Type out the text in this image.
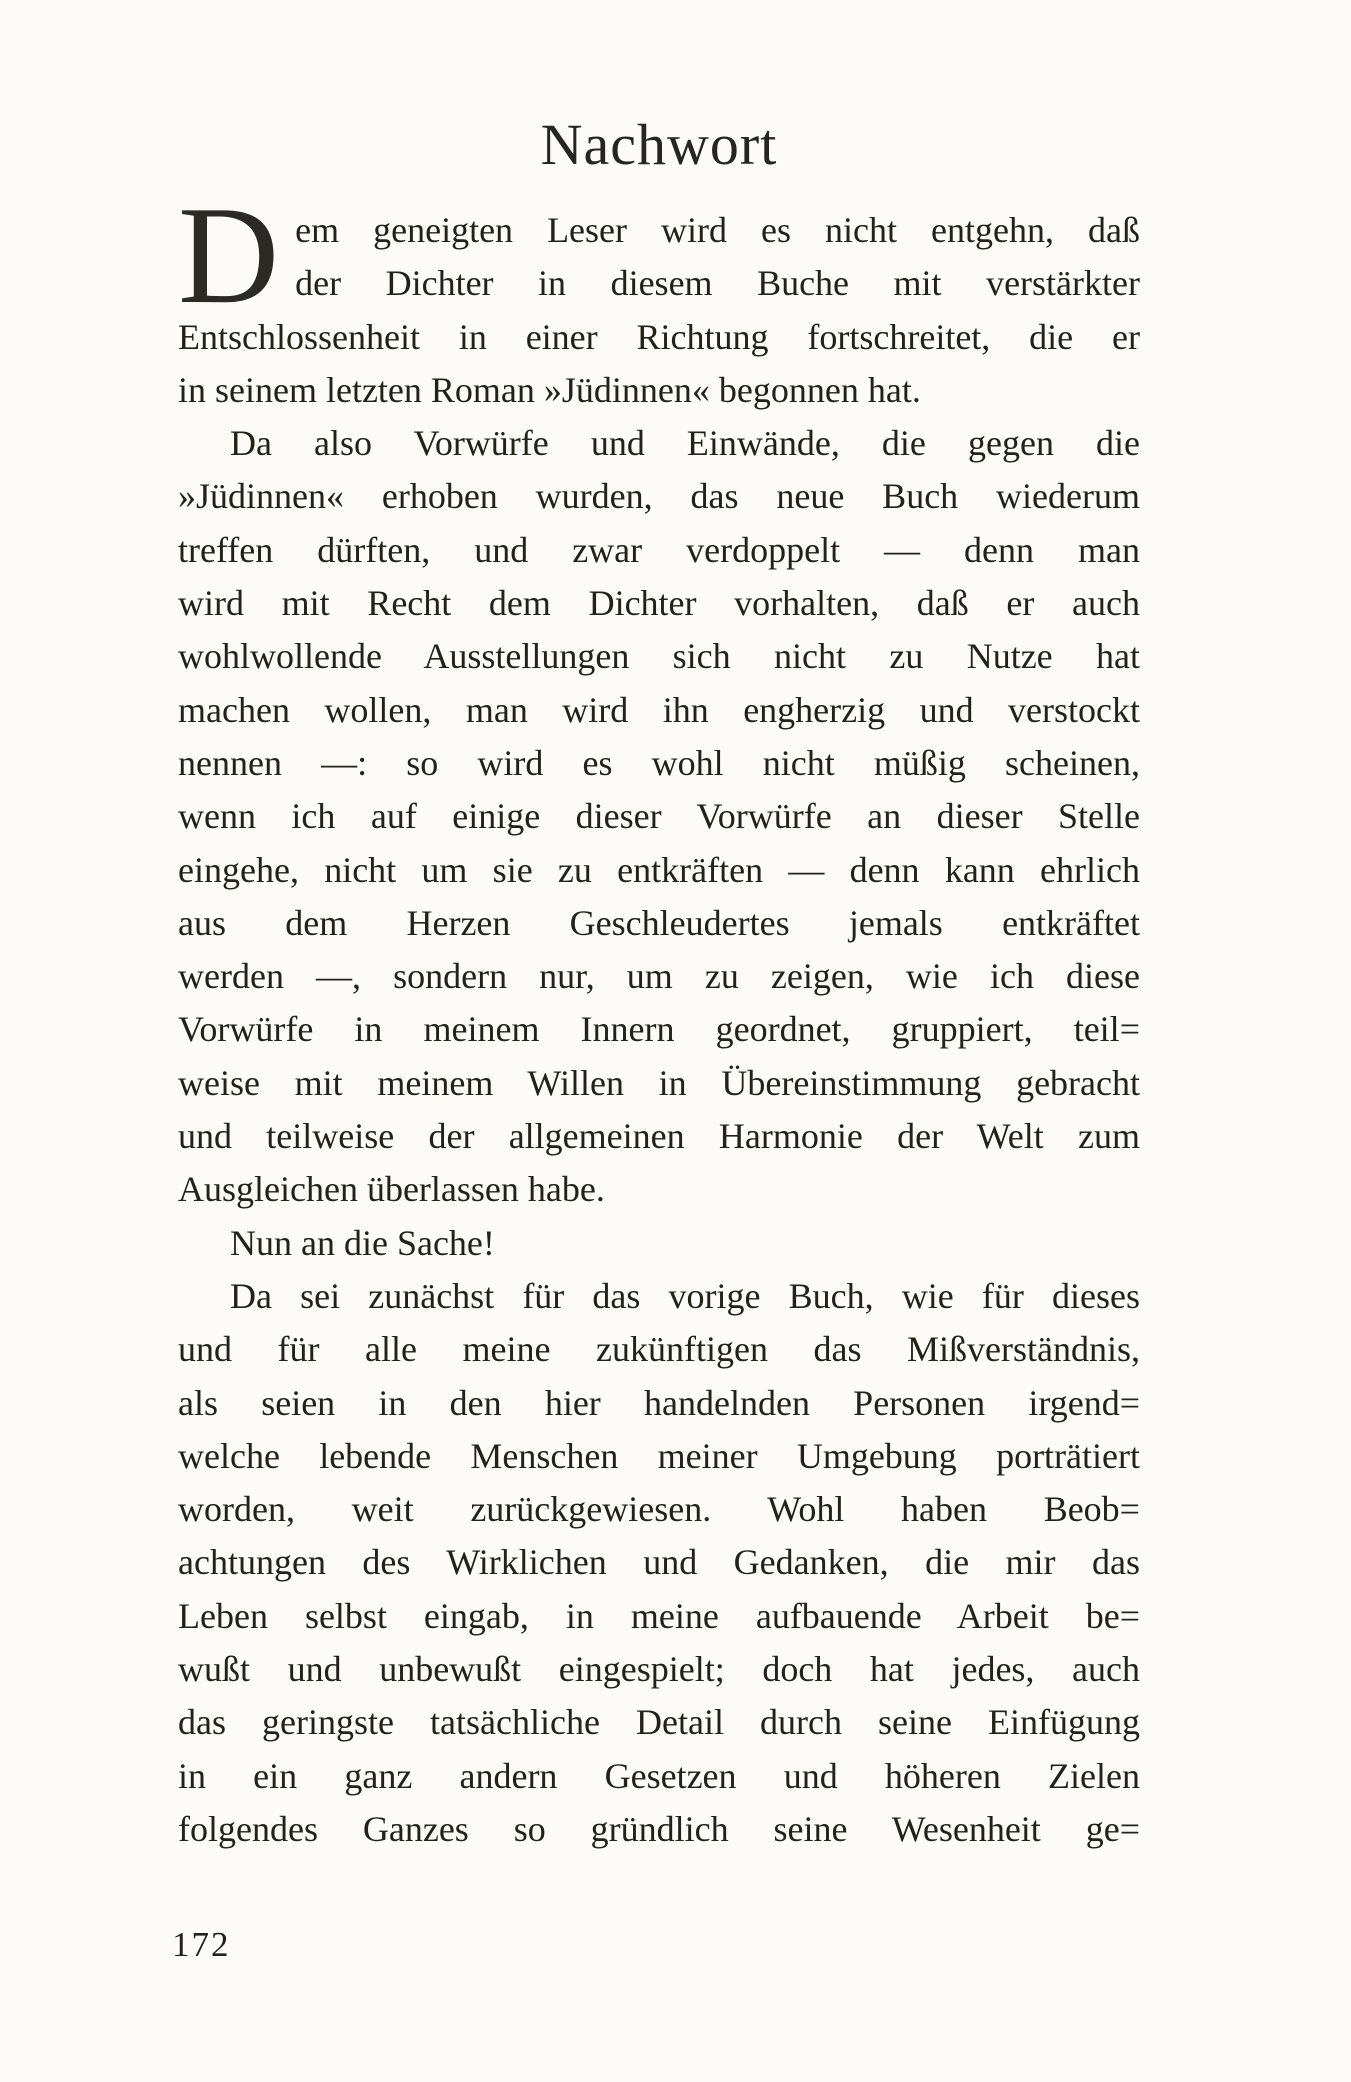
Nachwort
D em geneigten Leser wird es nicht entgehn, daß
der Dichter in diesem Buche mit verstärkter
Entschlossenheit in einer Richtung fortschreitet, die er
in seinem letzten Roman »Jüdinnen« begonnen hat.
Da also Vorwürfe und Einwände, die gegen die
»Jüdinnen« erhoben wurden, das neue Buch wiederum
treffen dürften, und zwar verdoppelt — denn man
wird mit Recht dem Dichter vorhalten, daß er auch
wohlwollende Ausstellungen sich nicht zu Nutze hat
machen wollen, man wird ihn engherzig und verstockt
nennen —: so wird es wohl nicht müßig scheinen,
wenn ich auf einige dieser Vorwürfe an dieser Stelle
eingehe, nicht um sie zu entkräften — denn kann ehrlich
aus dem Herzen Geschleudertes jemals entkräftet
werden —, sondern nur, um zu zeigen, wie ich diese
Vorwürfe in meinem Innern geordnet, gruppiert, teil=
weise mit meinem Willen in Übereinstimmung gebracht
und teilweise der allgemeinen Harmonie der Welt zum
Ausgleichen überlassen habe.
Nun an die Sache!
Da sei zunächst für das vorige Buch, wie für dieses
und für alle meine zukünftigen das Mißverständnis,
als seien in den hier handelnden Personen irgend=
welche lebende Menschen meiner Umgebung porträtiert
worden, weit zurückgewiesen. Wohl haben Beob=
achtungen des Wirklichen und Gedanken, die mir das
Leben selbst eingab, in meine aufbauende Arbeit be=
wußt und unbewußt eingespielt; doch hat jedes, auch
das geringste tatsächliche Detail durch seine Einfügung
in ein ganz andern Gesetzen und höheren Zielen
folgendes Ganzes so gründlich seine Wesenheit ge=
172
